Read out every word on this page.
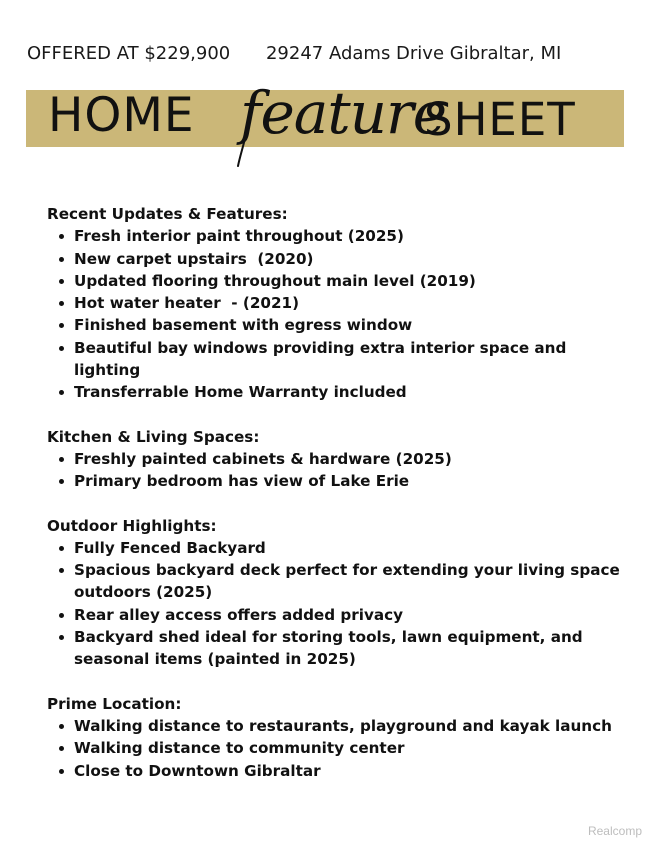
OFFERED AT $229,900 29247 Adams Drive Gibraltar, MI
HOME feature
SHEET
Recent Updates & Features:
Fresh interior paint throughout (2025)
New carpet upstairs  (2020)
Updated flooring throughout main level (2019)
Hot water heater  - (2021)
Finished basement with egress window
Beautiful bay windows providing extra interior space and lighting
Transferrable Home Warranty included
Kitchen & Living Spaces:
Freshly painted cabinets & hardware (2025)
Primary bedroom has view of Lake Erie
Outdoor Highlights:
Fully Fenced Backyard
Spacious backyard deck perfect for extending your living space outdoors (2025)
Rear alley access offers added privacy
Backyard shed ideal for storing tools, lawn equipment, and seasonal items (painted in 2025)
Prime Location:
Walking distance to restaurants, playground and kayak launch
Walking distance to community center
Close to Downtown Gibraltar
Realcomp
